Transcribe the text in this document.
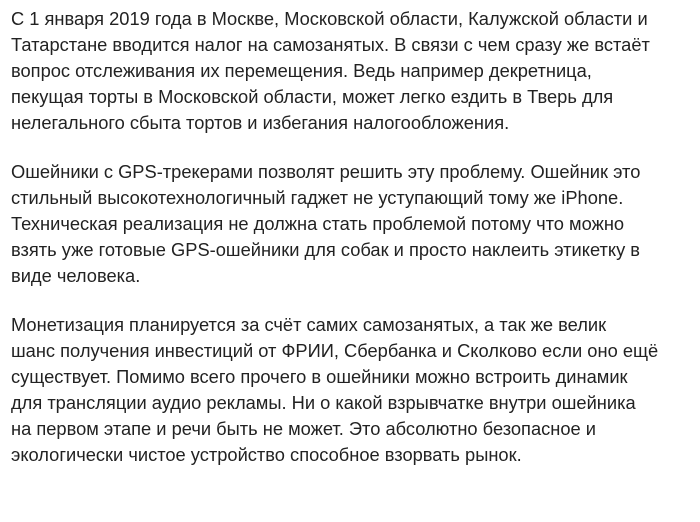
С 1 января 2019 года в Москве, Московской области, Калужской области и
Татарстане вводится налог на самозанятых. В связи с чем сразу же встаёт
вопрос отслеживания их перемещения. Ведь например декретница,
пекущая торты в Московской области, может легко ездить в Тверь для
нелегального сбыта тортов и избегания налогообложения.

Ошейники с GPS-трекерами позволят решить эту проблему. Ошейник это
стильный высокотехнологичный гаджет не уступающий тому же iPhone.
Техническая реализация не должна стать проблемой потому что можно
взять уже готовые GPS-ошейники для собак и просто наклеить этикетку в
виде человека.

Монетизация планируется за счёт самих самозанятых, а так же велик
шанс получения инвестиций от ФРИИ, Сбербанка и Сколково если оно ещё
существует. Помимо всего прочего в ошейники можно встроить динамик
для трансляции аудио рекламы. Ни о какой взрывчатке внутри ошейника
на первом этапе и речи быть не может. Это абсолютно безопасное и
экологически чистое устройство способное взорвать рынок.
